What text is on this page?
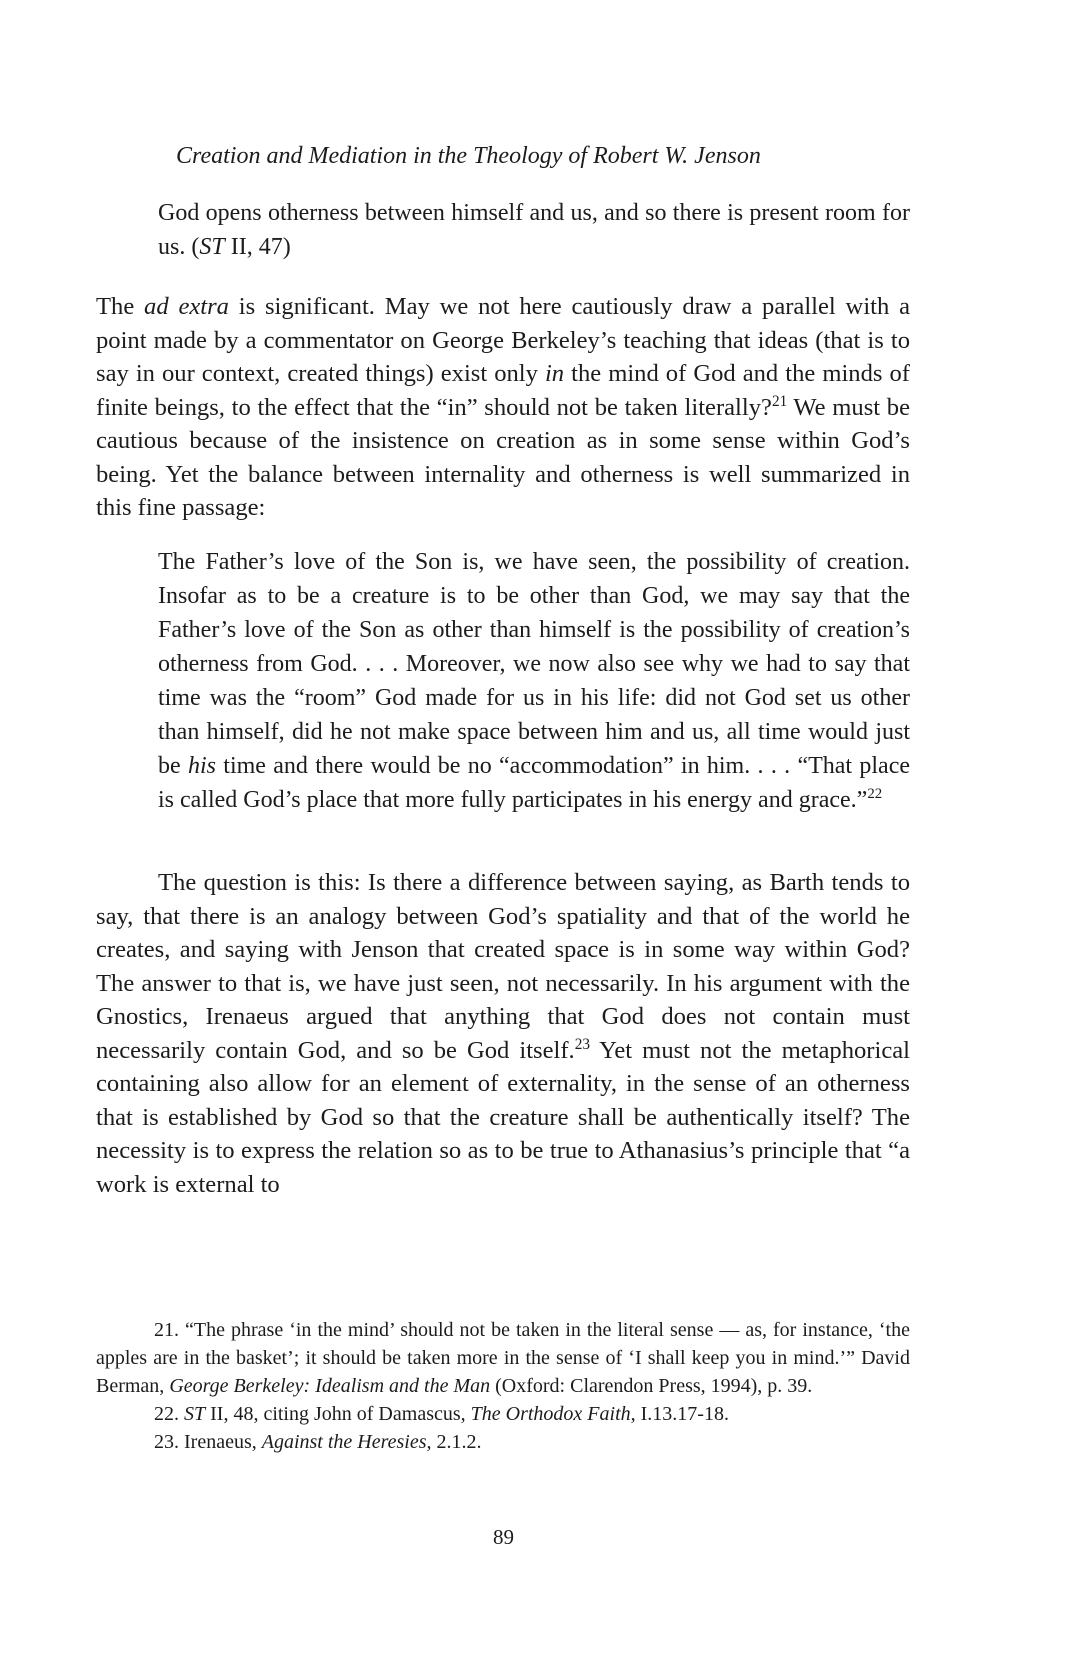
Creation and Mediation in the Theology of Robert W. Jenson
God opens otherness between himself and us, and so there is present room for us. (ST II, 47)
The ad extra is significant. May we not here cautiously draw a parallel with a point made by a commentator on George Berkeley’s teaching that ideas (that is to say in our context, created things) exist only in the mind of God and the minds of finite beings, to the effect that the “in” should not be taken literally?$^{21}$ We must be cautious because of the insistence on creation as in some sense within God’s being. Yet the balance between internality and otherness is well summarized in this fine passage:
The Father’s love of the Son is, we have seen, the possibility of creation. Insofar as to be a creature is to be other than God, we may say that the Father’s love of the Son as other than himself is the possibility of creation’s otherness from God. . . . Moreover, we now also see why we had to say that time was the “room” God made for us in his life: did not God set us other than himself, did he not make space between him and us, all time would just be his time and there would be no “accommodation” in him. . . . “That place is called God’s place that more fully participates in his energy and grace.”$^{22}$
The question is this: Is there a difference between saying, as Barth tends to say, that there is an analogy between God’s spatiality and that of the world he creates, and saying with Jenson that created space is in some way within God? The answer to that is, we have just seen, not necessarily. In his argument with the Gnostics, Irenaeus argued that anything that God does not contain must necessarily contain God, and so be God itself.$^{23}$ Yet must not the metaphorical containing also allow for an element of externality, in the sense of an otherness that is established by God so that the creature shall be authentically itself? The necessity is to express the relation so as to be true to Athanasius’s principle that “a work is external to

21. “The phrase ‘in the mind’ should not be taken in the literal sense — as, for instance, ‘the apples are in the basket’; it should be taken more in the sense of ‘I shall keep you in mind.’” David Berman, George Berkeley: Idealism and the Man (Oxford: Clarendon Press, 1994), p. 39.

22. ST II, 48, citing John of Damascus, The Orthodox Faith, I.13.17-18.

23. Irenaeus, Against the Heresies, 2.1.2.

89
